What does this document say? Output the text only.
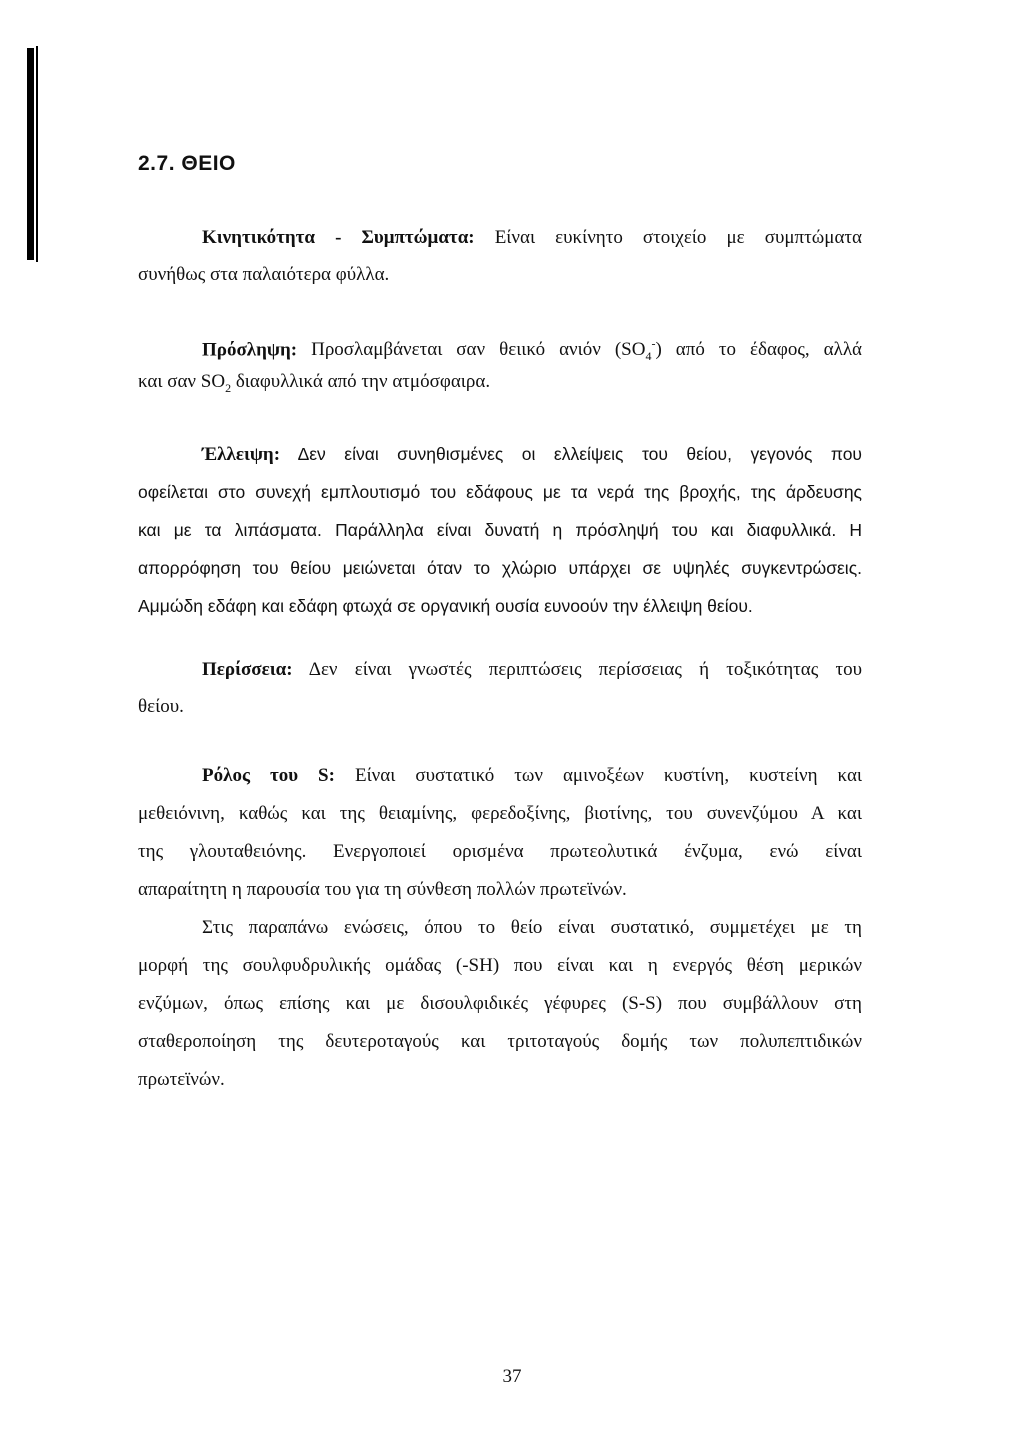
2.7. ΘΕΙΟ
Κινητικότητα - Συμπτώματα: Είναι ευκίνητο στοιχείο με συμπτώματα
συνήθως στα παλαιότερα φύλλα.
Πρόσληψη: Προσλαμβάνεται σαν θειικό ανιόν $(SO_4^-)$ από το έδαφος, αλλά
και σαν $SO_2$ διαφυλλικά από την ατμόσφαιρα.
Έλλειψη: Δεν είναι συνηθισμένες οι ελλείψεις του θείου, γεγονός που
οφείλεται στο συνεχή εμπλουτισμό του εδάφους με τα νερά της βροχής, της άρδευσης
και με τα λιπάσματα. Παράλληλα είναι δυνατή η πρόσληψή του και διαφυλλικά. Η
απορρόφηση του θείου μειώνεται όταν το χλώριο υπάρχει σε υψηλές συγκεντρώσεις.
Αμμώδη εδάφη και εδάφη φτωχά σε οργανική ουσία ευνοούν την έλλειψη θείου.
Περίσσεια: Δεν είναι γνωστές περιπτώσεις περίσσειας ή τοξικότητας του
θείου.
Ρόλος του S: Είναι συστατικό των αμινοξέων κυστίνη, κυστείνη και
μεθειόνινη, καθώς και της θειαμίνης, φερεδοξίνης, βιοτίνης, του συνενζύμου Α και
της γλουταθειόνης. Ενεργοποιεί ορισμένα πρωτεολυτικά ένζυμα, ενώ είναι
απαραίτητη η παρουσία του για τη σύνθεση πολλών πρωτεϊνών.
Στις παραπάνω ενώσεις, όπου το θείο είναι συστατικό, συμμετέχει με τη
μορφή της σουλφυδρυλικής ομάδας (-SH) που είναι και η ενεργός θέση μερικών
ενζύμων, όπως επίσης και με δισουλφιδικές γέφυρες (S-S) που συμβάλλουν στη
σταθεροποίηση της δευτεροταγούς και τριτοταγούς δομής των πολυπεπτιδικών
πρωτεϊνών.
37
